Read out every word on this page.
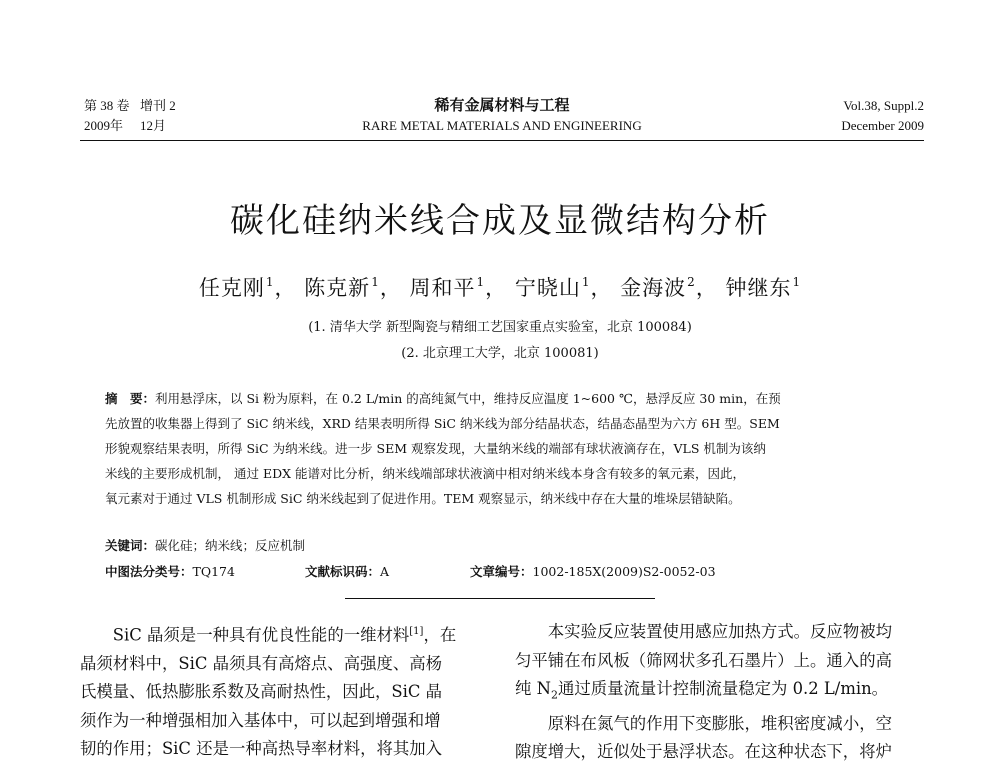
第 38 卷 增刊 2
2009年 12月
稀有金属材料与工程
RARE METAL MATERIALS AND ENGINEERING
Vol.38, Suppl.2
December 2009
碳化硅纳米线合成及显微结构分析
任克刚$^1$， 陈克新$^1$， 周和平$^1$， 宁晓山$^1$， 金海波$^2$， 钟继东$^1$
(1. 清华大学 新型陶瓷与精细工艺国家重点实验室，北京 100084)
(2. 北京理工大学，北京 100081)

摘　要：利用悬浮床，以 Si 粉为原料，在 0.2 L/min 的高纯氮气中，维持反应温度 1~600 ℃，悬浮反应 30 min，在预

先放置的收集器上得到了 SiC 纳米线，XRD 结果表明所得 SiC 纳米线为部分结晶状态，结晶态晶型为六方 6H 型。SEM

形貌观察结果表明，所得 SiC 为纳米线。进一步 SEM 观察发现，大量纳米线的端部有球状液滴存在，VLS 机制为该纳

米线的主要形成机制， 通过 EDX 能谱对比分析，纳米线端部球状液滴中相对纳米线本身含有较多的氧元素，因此，

氧元素对于通过 VLS 机制形成 SiC 纳米线起到了促进作用。TEM 观察显示，纳米线中存在大量的堆垛层错缺陷。

关键词：碳化硅；纳米线；反应机制
中图法分类号：TQ174	文献标识码：A	文章编号：1002-185X(2009)S2-0052-03

SiC 晶须是一种具有优良性能的一维材料[1]，在

晶须材料中，SiC 晶须具有高熔点、高强度、高杨

氏模量、低热膨胀系数及高耐热性，因此，SiC 晶

须作为一种增强相加入基体中，可以起到增强和增

韧的作用；SiC 还是一种高热导率材料，将其加入

本实验反应装置使用感应加热方式。反应物被均

匀平铺在布风板（筛网状多孔石墨片）上。通入的高

纯 $N_2$通过质量流量计控制流量稳定为 0.2 L/min。

原料在氮气的作用下变膨胀，堆积密度减小，空

隙度增大，近似处于悬浮状态。在这种状态下，将炉
